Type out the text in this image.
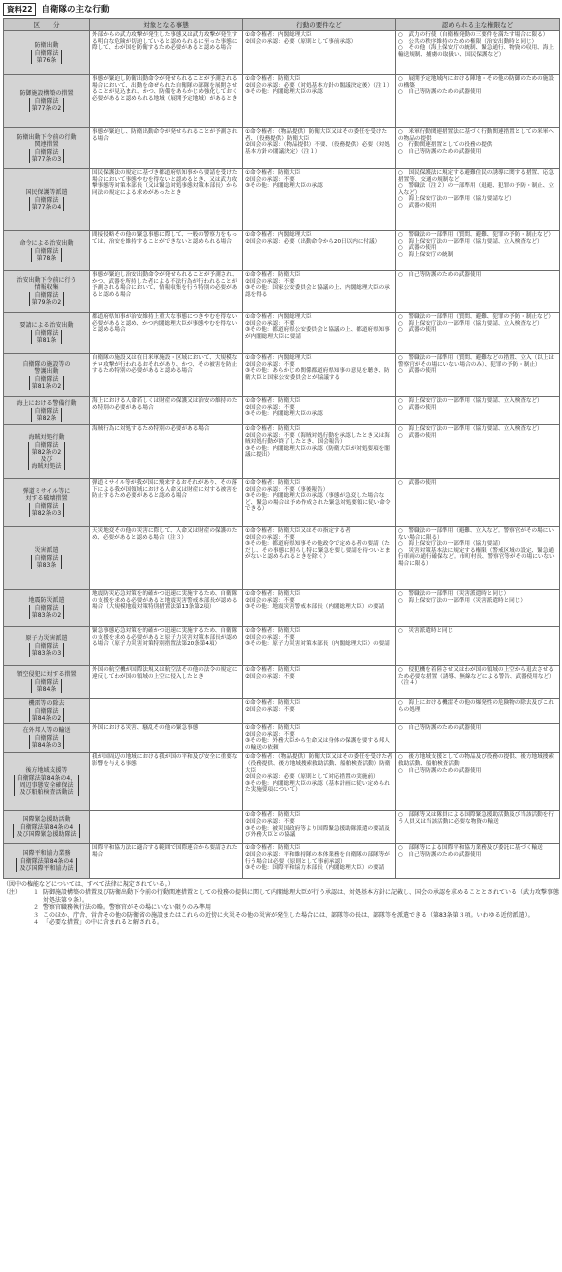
資料22	自衛隊の主な行動
区　　分	対象となる事態	行動の要件など	認められる主な権限など

防衛出動
自衛隊法
第76条	外部からの武力攻撃が発生した事態又は武力攻撃が発生する明白な危険が切迫していると認められるに至った事態に際して、わが国を防衛するため必要があると認める場合	①命令権者：内閣総理大臣
②国会の承認：必要（原則として事前承認）	○　武力の行使（自衛権発動の三要件を満たす場合に限る）
○　公共の秩序維持のための権限（治安出動時と同じ）
○　その他（海上保安庁の統制、緊急通行、物資の収用、海上輸送規制、捕虜の取扱い、国民保護など）

防御施設構築の措置
自衛隊法
第77条の2	事態が緊迫し防衛出動命令が発せられることが予測される場合において、出動を命ぜられた自衛隊の部隊を展開させることが見込まれ、かつ、防備をあらかじめ強化しておく必要があると認められる地域（展開予定地域）があるとき	①命令権者：防衛大臣
②国会の承認：必要（対処基本方針の閣議決定後）（注１）
③その他：内閣総理大臣の承認	○　展開予定地域内における陣地・その他の防御のための施設の構築
○　自己等防護のための武器使用

防衛出動下令前の行動
関連措置
自衛隊法
第77条の3	事態が緊迫し、防衛出動命令が発せられることが予測される場合	①命令権者：（物品提供）防衛大臣又はその委任を受けた者、（役務提供）防衛大臣
②国会の承認：（物品提供）不要、（役務提供）必要（対処基本方針の閣議決定）（注１）	○　米軍行動関連措置法に基づく行動関連措置としての米軍への物品の提供
○　行動関連措置としての役務の提供
○　自己等防護のための武器使用

国民保護等派遣
自衛隊法
第77条の4	国民保護法の規定に基づき都道府県知事から要請を受けた場合において事態やむを得ないと認めるとき、又は武力攻撃事態等対策本部長（又は緊急対処事態対策本部長）から同法の規定による求めがあったとき	①命令権者：防衛大臣
②国会の承認：不要
③その他：内閣総理大臣の承認	○　国民保護法に規定する避難住民の誘導に関する措置、応急措置等、交通の規制など
○　警職法（注２）の一部準用（退避、犯罪の予防・制止、立入など）
○　海上保安庁法の一部準用（協力要請など）
○　武器の使用

命令による治安出動
自衛隊法
第78条	間接侵略その他の緊急事態に際して、一般の警察力をもっては、治安を維持することができないと認められる場合	①命令権者：内閣総理大臣
②国会の承認：必要（出動命令から20日以内に付議）	○　警職法の一部準用（質問、避難、犯罪の予防・制止など）
○　海上保安庁法の一部準用（協力要請、立入検査など）
○　武器の使用
○　海上保安庁の統制

治安出動下令前に行う
情報収集
自衛隊法
第79条の2	事態が緊迫し治安出動命令が発せられることが予測され、かつ、武器を所持した者による不法行為が行われることが予測される場合において、情報収集を行う特別の必要があると認める場合	①命令権者：防衛大臣
②国会の承認：不要
③その他：国家公安委員会と協議の上、内閣総理大臣の承認を得る	○　自己等防護のための武器使用

要請による治安出動
自衛隊法
第81条	都道府県知事が治安維持上重大な事態につきやむを得ない必要があると認め、かつ内閣総理大臣が事態やむを得ないと認める場合	①命令権者：内閣総理大臣
②国会の承認：不要
③その他：都道府県公安委員会と協議の上、都道府県知事が内閣総理大臣に要請	○　警職法の一部準用（質問、避難、犯罪の予防・制止など）
○　海上保安庁法の一部準用（協力要請、立入検査など）
○　武器の使用

自衛隊の施設等の
警護出動
自衛隊法
第81条の2	自衛隊の施設又は在日米軍施設・区域において、大規模なテロ攻撃が行われるおそれがあり、かつ、その被害を防止するため特別の必要があると認める場合	①命令権者：内閣総理大臣
②国会の承認：不要
③その他：あらかじめ関係都道府県知事の意見を聴き、防衛大臣と国家公安委員会とが協議する	○　警職法の一部準用（質問、避難などの措置、立入（以上は警察官がその場にいない場合のみ）、犯罪の予防・制止）
○　武器の使用

海上における警備行動
自衛隊法
第82条	海上における人命若しくは財産の保護又は治安の維持のため特別の必要がある場合	①命令権者：防衛大臣
②国会の承認：不要
③その他：内閣総理大臣の承認	○　海上保安庁法の一部準用（協力要請、立入検査など）
○　武器の使用

海賊対処行動
自衛隊法
第82条の2
及び
海賊対処法	海賊行為に対処するため特別の必要がある場合	①命令権者：防衛大臣
②国会の承認：不要（海賊対処行動を承認したとき又は海賊対処行動が終了したとき、国会報告）
③その他：内閣総理大臣の承認（防衛大臣が対処要項を閣議に提出）	○　海上保安庁法の一部準用（協力要請、立入検査など）
○　武器の使用

弾道ミサイル等に
対する破壊措置
自衛隊法
第82条の3	弾道ミサイル等が我が国に飛来するおそれがあり、その落下による我が国領域における人命又は財産に対する被害を防止するため必要があると認める場合	①命令権者：防衛大臣
②国会の承認：不要（事後報告）
③その他：内閣総理大臣の承認（事態が急変した場合など、緊急の場合は予め作成された緊急対処要領に従い命令できる）	○　武器の使用

災害派遣
自衛隊法
第83条	天災地変その他の災害に際して、人命又は財産の保護のため、必要があると認める場合（注３）	①命令権者：防衛大臣又はその指定する者
②国会の承認：不要
③その他：都道府県知事その他政令で定める者の要請（ただし、その事態に照らし特に緊急を要し要請を待ついとまがないと認められるときを除く）	○　警職法の一部準用（避難、立入など。警察官がその場にいない場合に限る）
○　海上保安庁法の一部準用（協力要請）
○　災害対策基本法に規定する権限（警戒区域の設定、緊急通行車両の通行確保など。市町村長、警察官等がその場にいない場合に限る）

地震防災派遣
自衛隊法
第83条の2	地震防災応急対策を的確かつ迅速に実施するため、自衛隊の支援を求める必要があると地震災害警戒本部長が認める場合（大規模地震対策特別措置法第13条第2項）	①命令権者：防衛大臣
②国会の承認：不要
③その他：地震災害警戒本部長（内閣総理大臣）の要請	○　警職法の一部準用（災害派遣時と同じ）
○　海上保安庁法の一部準用（災害派遣時と同じ）

原子力災害派遣
自衛隊法
第83条の3	緊急事態応急対策を的確かつ迅速に実施するため、自衛隊の支援を求める必要があると原子力災害対策本部長が認める場合（原子力災害対策特別措置法第20条第4項）	①命令権者：防衛大臣
②国会の承認：不要
③その他：原子力災害対策本部長（内閣総理大臣）の要請	○　災害派遣時と同じ

領空侵犯に対する措置
自衛隊法
第84条	外国の航空機が国際法規又は航空法その他の法令の規定に違反してわが国の領域の上空に侵入したとき	①命令権者：防衛大臣
②国会の承認：不要	○　侵犯機を着陸させ又はわが国の領域の上空から退去させるため必要な措置（誘導、無線などによる警告、武器使用など）（注４）

機雷等の除去
自衛隊法
第84条の2		①命令権者：防衛大臣
②国会の承認：不要	○　海上における機雷その他の爆発性の危険物の除去及びこれらの処理

在外邦人等の輸送
自衛隊法
第84条の3	外国における災害、騒乱その他の緊急事態	①命令権者：防衛大臣
②国会の承認：不要
③その他：外務大臣から生命又は身体の保護を要する邦人の輸送の依頼	○　自己等防護のための武器使用

後方地域支援等
自衛隊法第84条の4、
周辺事態安全確保法
及び船舶検査活動法	我が国周辺の地域における我が国の平和及び安全に重要な影響を与える事態	①命令権者：（物品提供）防衛大臣又はその委任を受けた者
（役務提供、後方地域捜索救助活動、船舶検査活動）防衛大臣
②国会の承認：必要（原則として対応措置の実施前）
③その他：内閣総理大臣の承認（基本計画に従い定められた実施要項について）	○　後方地域支援としての物品及び役務の提供、後方地域捜索救助活動、船舶検査活動
○　自己等防護のための武器使用

国際緊急援助活動
自衛隊法第84条の4
及び国際緊急援助隊法		①命令権者：防衛大臣
②国会の承認：不要
③その他：被災国政府等より国際緊急援助隊派遣の要請及び外務大臣との協議	○　部隊等又は隊員による国際緊急援助活動及び当該活動を行う人員又は当該活動に必要な物資の輸送

国際平和協力業務
自衛隊法第84条の4
及び国際平和協力法	国際平和協力法に適合する範囲で国際連合から要請された場合	①命令権者：防衛大臣
②国会の承認：平和維持隊の本体業務を自衛隊の部隊等が行う場合は必要（原則として事前承認）
③その他：国際平和協力本部長（内閣総理大臣）の要請	○　部隊等による国際平和協力業務及び委託に基づく輸送
○　自己等防護のための武器使用
（図中の権能などについては、すべて法律に規定されている。）
（注）	１ 防御施設構築の措置及び防衛出動下令前の行動関連措置としての役務の提供に関して内閣総理大臣が行う承認は、対処基本方針に記載し、国会の承認を求めることとされている（武力攻撃事態対処法第９条）。
２ 警察官職務執行法の略。警察官がその場にいない限りのみ準用
３ このほか、庁舎、営舎その他の防衛省の施設またはこれらの近傍に火災その他の災害が発生した場合には、部隊等の長は、部隊等を派遣できる（第83条第３項。いわゆる近傍派遣）。
４ 「必要な措置」の中に含まれると解される。
